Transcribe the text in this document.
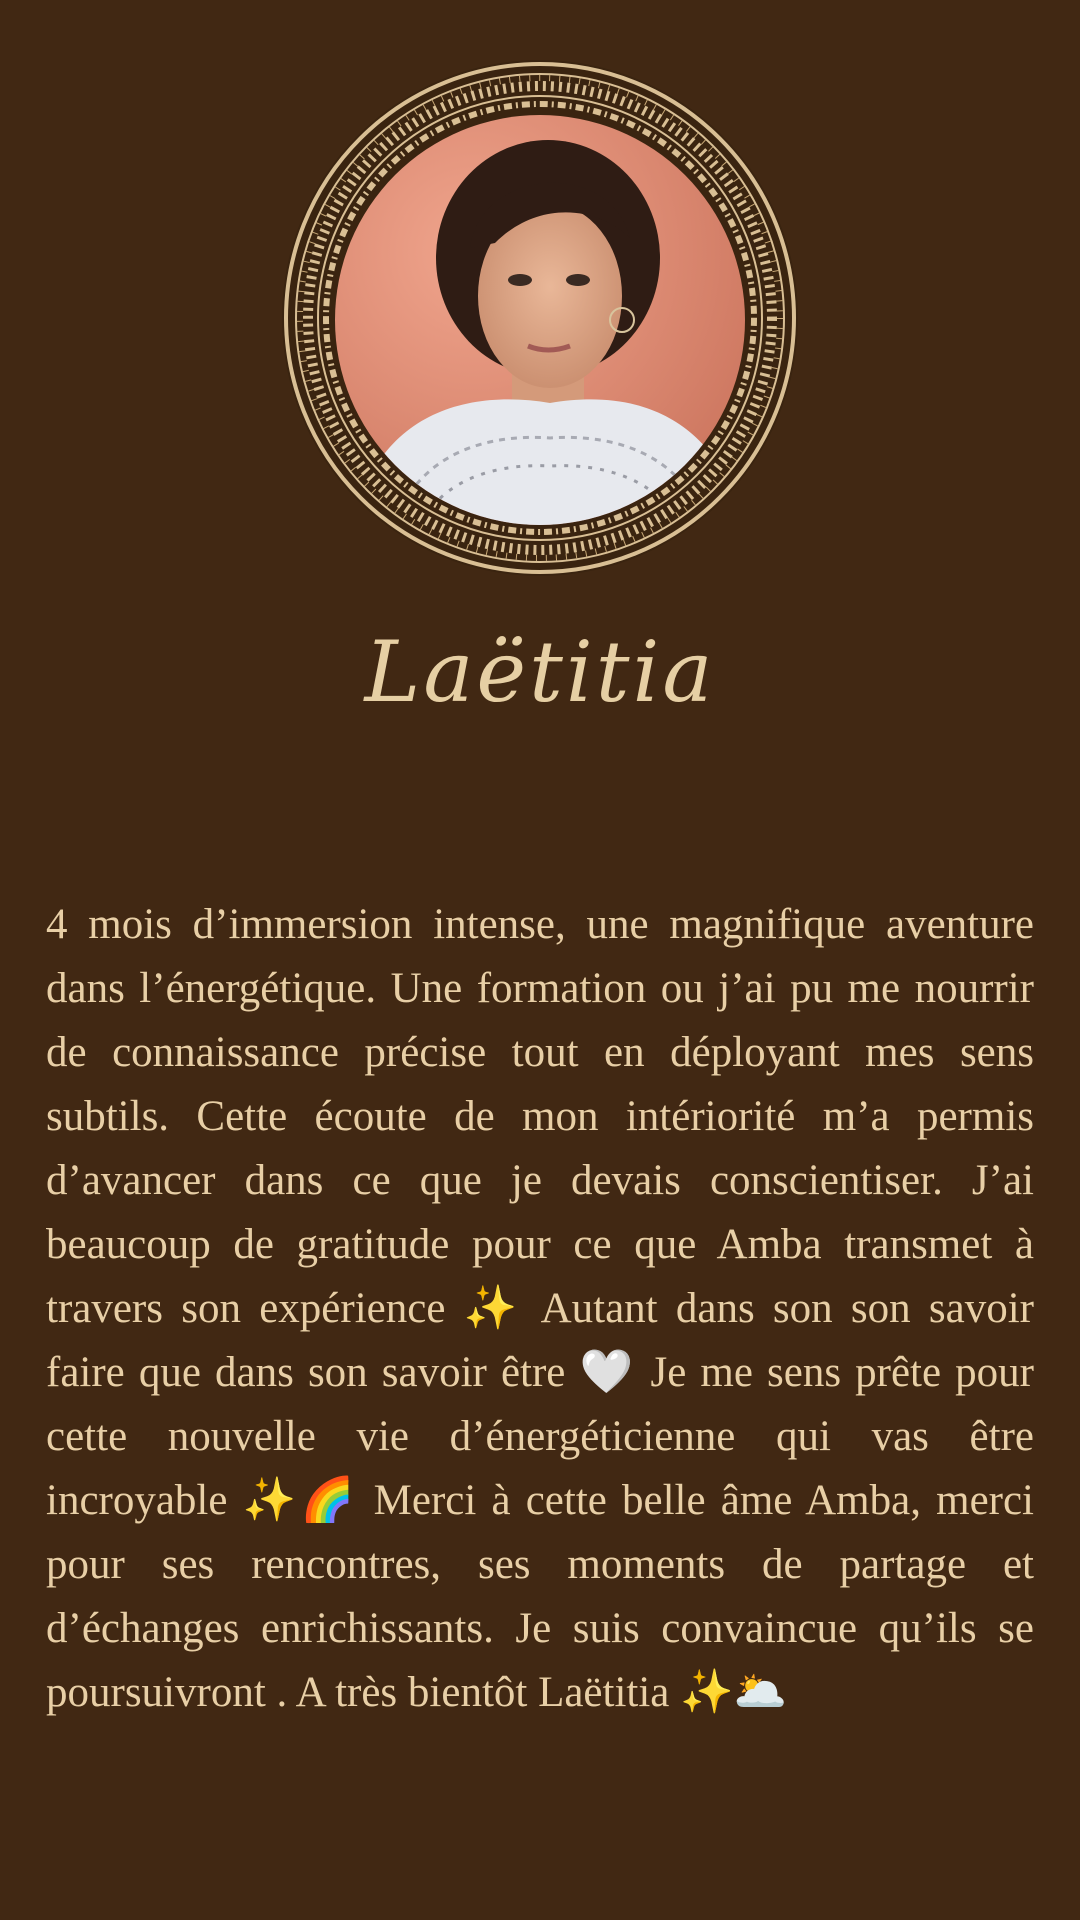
Laëtitia

4 mois d’immersion intense, une magnifique aventure dans l’énergétique. Une formation ou j’ai pu me nourrir de connaissance précise tout en déployant mes sens subtils. Cette écoute de mon intériorité m’a permis d’avancer dans ce que je devais conscientiser. J’ai beaucoup de gratitude pour ce que Amba transmet à travers son expérience ✨ Autant dans son son savoir faire que dans son savoir être 🤍 Je me sens prête pour cette nouvelle vie d’énergéticienne qui vas être incroyable ✨🌈 Merci à cette belle âme Amba, merci pour ses rencontres, ses moments de partage et d’échanges enrichissants. Je suis convaincue qu’ils se poursuivront . A très bientôt Laëtitia ✨🌥️
